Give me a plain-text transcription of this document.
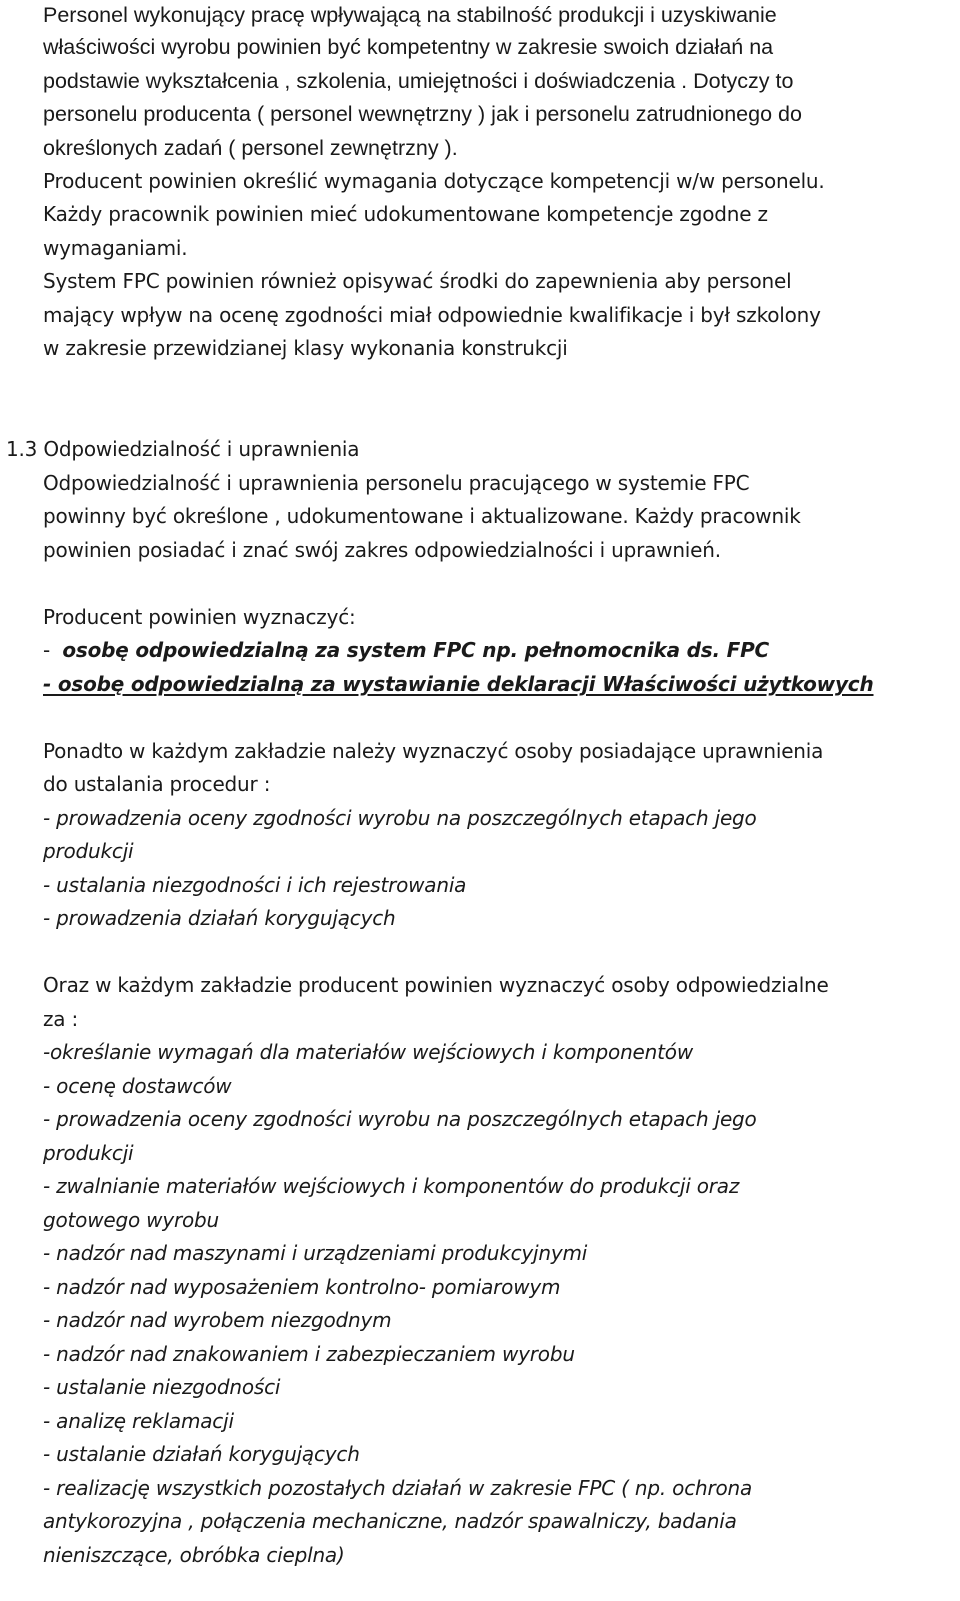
Personel wykonujący pracę wpływającą na stabilność produkcji i uzyskiwanie
właściwości wyrobu powinien być kompetentny w zakresie swoich działań na
podstawie wykształcenia , szkolenia, umiejętności i doświadczenia . Dotyczy to
personelu producenta ( personel wewnętrzny ) jak i personelu zatrudnionego do
określonych zadań ( personel zewnętrzny ).
Producent powinien określić wymagania dotyczące kompetencji w/w personelu.
Każdy pracownik powinien mieć udokumentowane kompetencje zgodne z
wymaganiami.
System FPC powinien również opisywać środki do zapewnienia aby personel
mający wpływ na ocenę zgodności miał odpowiednie kwalifikacje i był szkolony
w zakresie przewidzianej klasy wykonania konstrukcji
1.3 Odpowiedzialność i uprawnienia
Odpowiedzialność i uprawnienia personelu pracującego w systemie FPC
powinny być określone , udokumentowane i aktualizowane. Każdy pracownik
powinien posiadać i znać swój zakres odpowiedzialności i uprawnień.
Producent powinien wyznaczyć:
- osobę odpowiedzialną za system FPC np. pełnomocnika ds. FPC
- osobę odpowiedzialną za wystawianie deklaracji Właściwości użytkowych
Ponadto w każdym zakładzie należy wyznaczyć osoby posiadające uprawnienia
do ustalania procedur :
- prowadzenia oceny zgodności wyrobu na poszczególnych etapach jego
produkcji
- ustalania niezgodności i ich rejestrowania
- prowadzenia działań korygujących
Oraz w każdym zakładzie producent powinien wyznaczyć osoby odpowiedzialne
za :
-określanie wymagań dla materiałów wejściowych i komponentów
- ocenę dostawców
- prowadzenia oceny zgodności wyrobu na poszczególnych etapach jego
produkcji
- zwalnianie materiałów wejściowych i komponentów do produkcji oraz
gotowego wyrobu
- nadzór nad maszynami i urządzeniami produkcyjnymi
- nadzór nad wyposażeniem kontrolno- pomiarowym
- nadzór nad wyrobem niezgodnym
- nadzór nad znakowaniem i zabezpieczaniem wyrobu
- ustalanie niezgodności
- analizę reklamacji
- ustalanie działań korygujących
- realizację wszystkich pozostałych działań w zakresie FPC ( np. ochrona
antykorozyjna , połączenia mechaniczne, nadzór spawalniczy, badania
nieniszczące, obróbka cieplna)
